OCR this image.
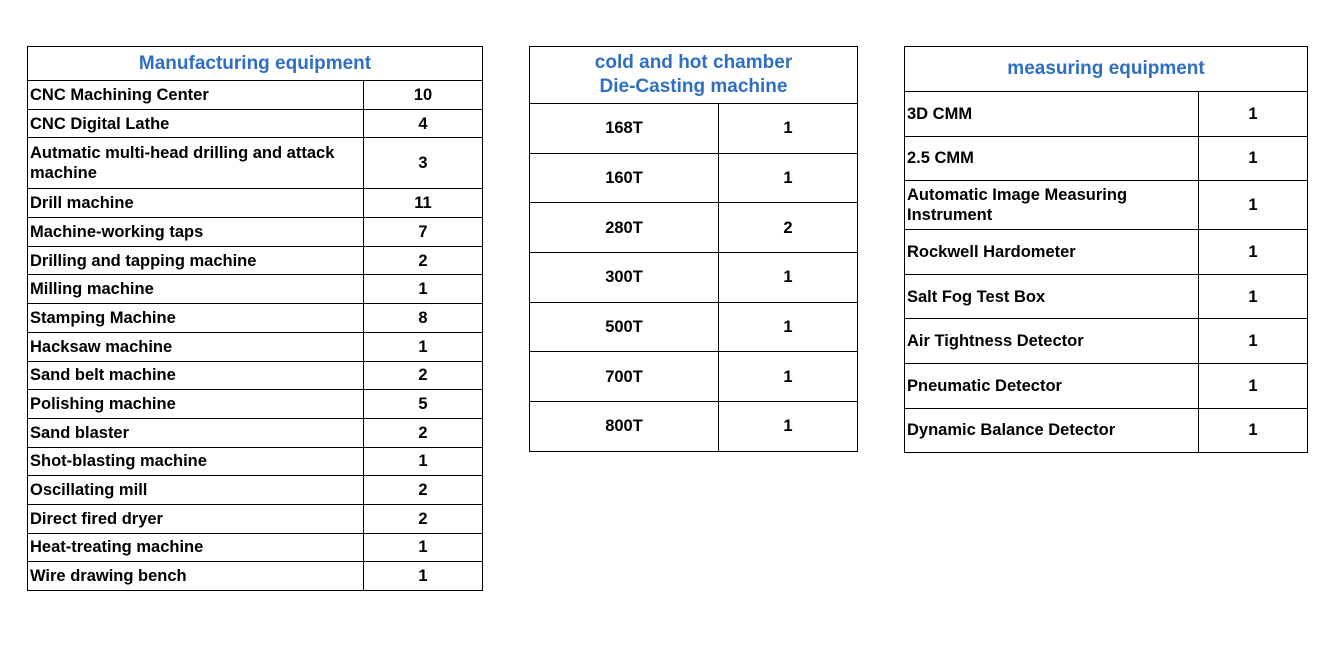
Manufacturing equipment	
CNC Machining Center	10
CNC Digital Lathe	4
Autmatic multi-head drilling and attack machine	3
Drill machine	11
Machine-working taps	7
Drilling and tapping machine	2
Milling machine	1
Stamping Machine	8
Hacksaw machine	1
Sand belt machine	2
Polishing machine	5
Sand blaster	2
Shot-blasting machine	1
Oscillating mill	2
Direct fired dryer	2
Heat-treating machine	1
Wire drawing bench	1
cold and hot chamber
Die-Casting machine	

168T	1
160T	1
280T	2
300T	1
500T	1
700T	1
800T	1
measuring equipment	
3D CMM	1
2.5 CMM	1
Automatic Image Measuring Instrument	1
Rockwell Hardometer	1
Salt Fog Test Box	1
Air Tightness Detector	1
Pneumatic Detector	1
Dynamic Balance Detector	1
